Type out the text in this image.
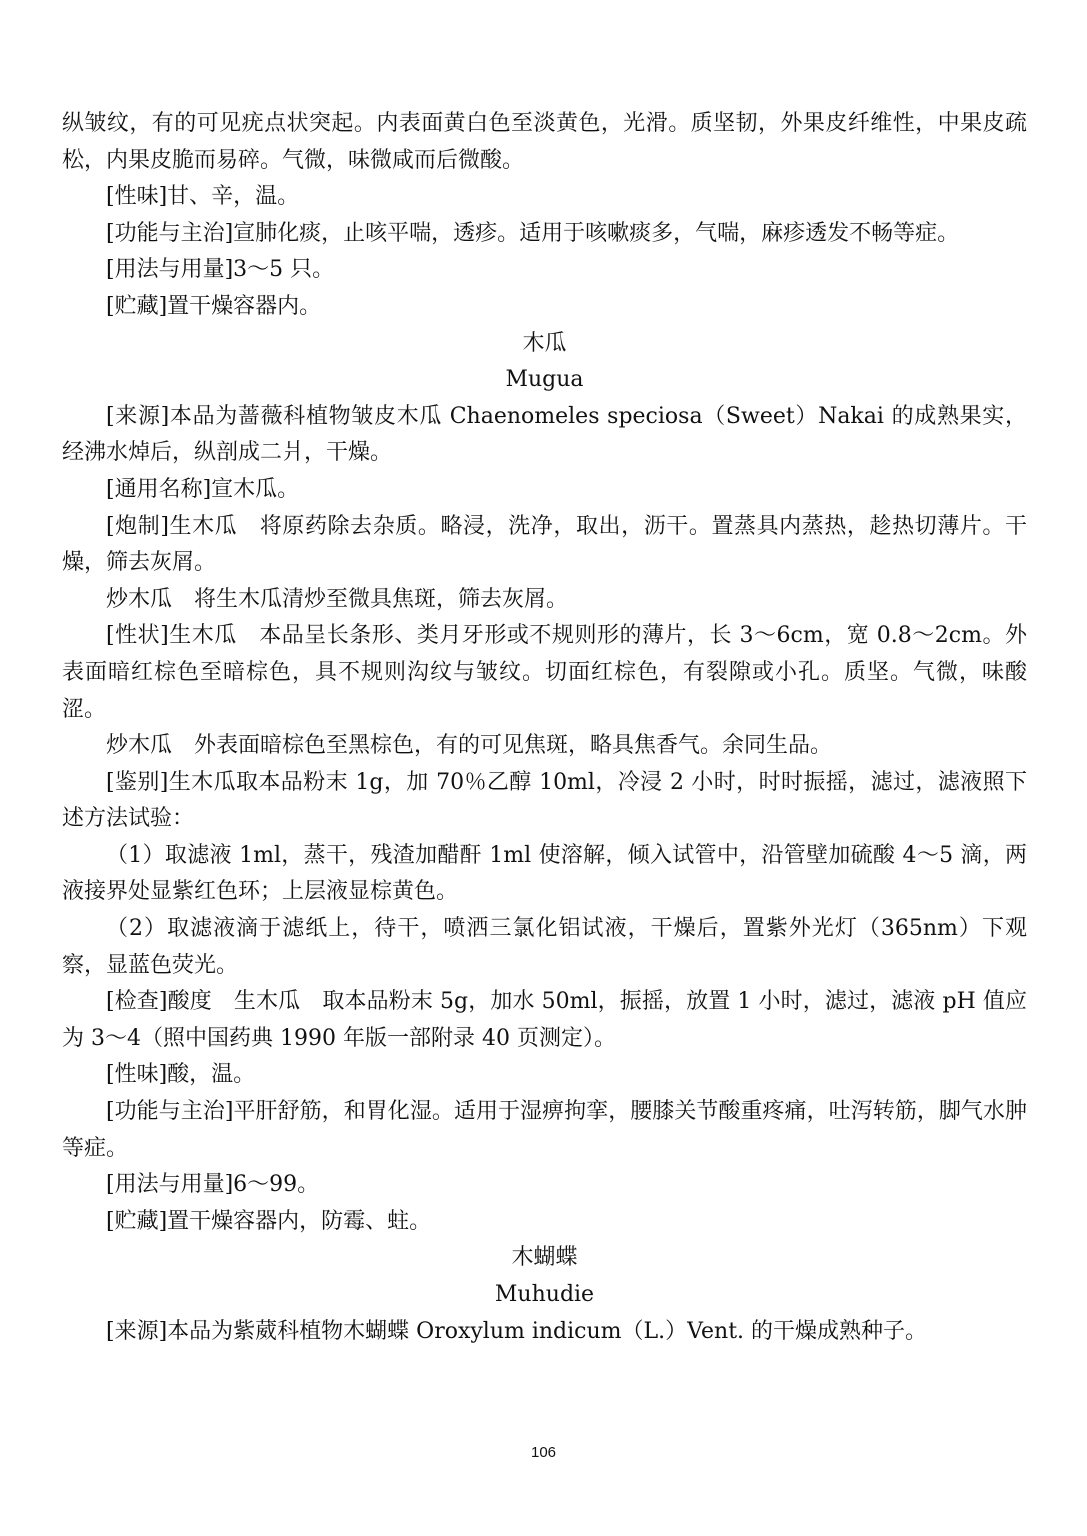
纵皱纹，有的可见疣点状突起。内表面黄白色至淡黄色，光滑。质坚韧，外果皮纤维性，中果皮疏松，内果皮脆而易碎。气微，味微咸而后微酸。

[性味]甘、辛，温。

[功能与主治]宣肺化痰，止咳平喘，透疹。适用于咳嗽痰多，气喘，麻疹透发不畅等症。

[用法与用量]3～5 只。

[贮藏]置干燥容器内。

木瓜

Mugua

[来源]本品为蔷薇科植物皱皮木瓜 Chaenomeles speciosa（Sweet）Nakai 的成熟果实，经沸水焯后，纵剖成二爿，干燥。

[通用名称]宣木瓜。

[炮制]生木瓜　将原药除去杂质。略浸，洗净，取出，沥干。置蒸具内蒸热，趁热切薄片。干燥，筛去灰屑。

炒木瓜　将生木瓜清炒至微具焦斑，筛去灰屑。

[性状]生木瓜　本品呈长条形、类月牙形或不规则形的薄片，长 3～6cm，宽 0.8～2cm。外表面暗红棕色至暗棕色，具不规则沟纹与皱纹。切面红棕色，有裂隙或小孔。质坚。气微，味酸涩。

炒木瓜　外表面暗棕色至黑棕色，有的可见焦斑，略具焦香气。余同生品。

[鉴别]生木瓜取本品粉末 1g，加 70％乙醇 10ml，冷浸 2 小时，时时振摇，滤过，滤液照下述方法试验：

（1）取滤液 1ml，蒸干，残渣加醋酐 1ml 使溶解，倾入试管中，沿管壁加硫酸 4～5 滴，两液接界处显紫红色环；上层液显棕黄色。

（2）取滤液滴于滤纸上，待干，喷洒三氯化铝试液，干燥后，置紫外光灯（365nm）下观察，显蓝色荧光。

[检查]酸度　生木瓜　取本品粉末 5g，加水 50ml，振摇，放置 1 小时，滤过，滤液 pH 值应为 3～4（照中国药典 1990 年版一部附录 40 页测定）。

[性味]酸，温。

[功能与主治]平肝舒筋，和胃化湿。适用于湿痹拘挛，腰膝关节酸重疼痛，吐泻转筋，脚气水肿等症。

[用法与用量]6～99。

[贮藏]置干燥容器内，防霉、蛀。

木蝴蝶

Muhudie

[来源]本品为紫葳科植物木蝴蝶 Oroxylum indicum（L.）Vent. 的干燥成熟种子。

106
